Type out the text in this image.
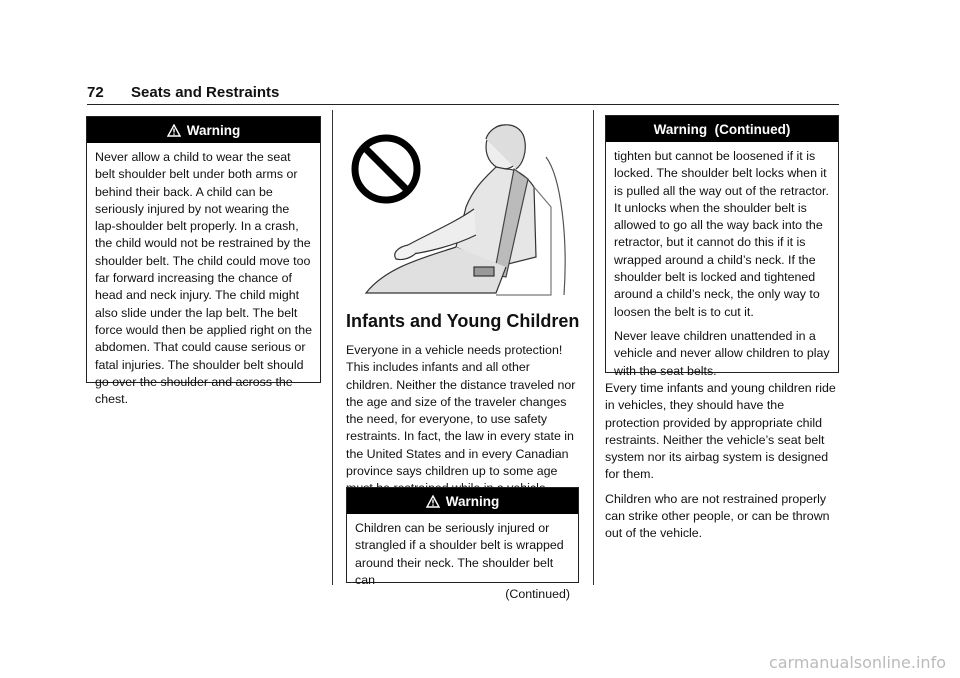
72 Seats and Restraints
Warning

Never allow a child to wear the seat belt shoulder belt under both arms or behind their back. A child can be seriously injured by not wearing the lap-shoulder belt properly. In a crash, the child would not be restrained by the shoulder belt. The child could move too far forward increasing the chance of head and neck injury. The child might also slide under the lap belt. The belt force would then be applied right on the abdomen. That could cause serious or fatal injuries. The shoulder belt should go over the shoulder and across the chest.

Infants and Young Children

Everyone in a vehicle needs protection! This includes infants and all other children. Neither the distance traveled nor the age and size of the traveler changes the need, for everyone, to use safety restraints. In fact, the law in every state in the United States and in every Canadian province says children up to some age

Warning

Children can be seriously injured or strangled if a shoulder belt is wrapped around their neck. The shoulder belt can

(Continued)
Warning  (Continued)

tighten but cannot be loosened if it is locked. The shoulder belt locks when it is pulled all the way out of the retractor. It unlocks when the shoulder belt is allowed to go all the way back into the retractor, but it cannot do this if it is wrapped around a child’s neck. If the shoulder belt is locked and tightened around a child’s neck, the only way to loosen the belt is to cut it.

Never leave children unattended in a vehicle and never allow children to play with the seat belts.

Every time infants and young children ride in vehicles, they should have the protection provided by appropriate child restraints. Neither the vehicle’s seat belt system nor its airbag system is designed for them.

Children who are not restrained properly can strike other people, or can be thrown out of the vehicle.

carmanualsonline.info
